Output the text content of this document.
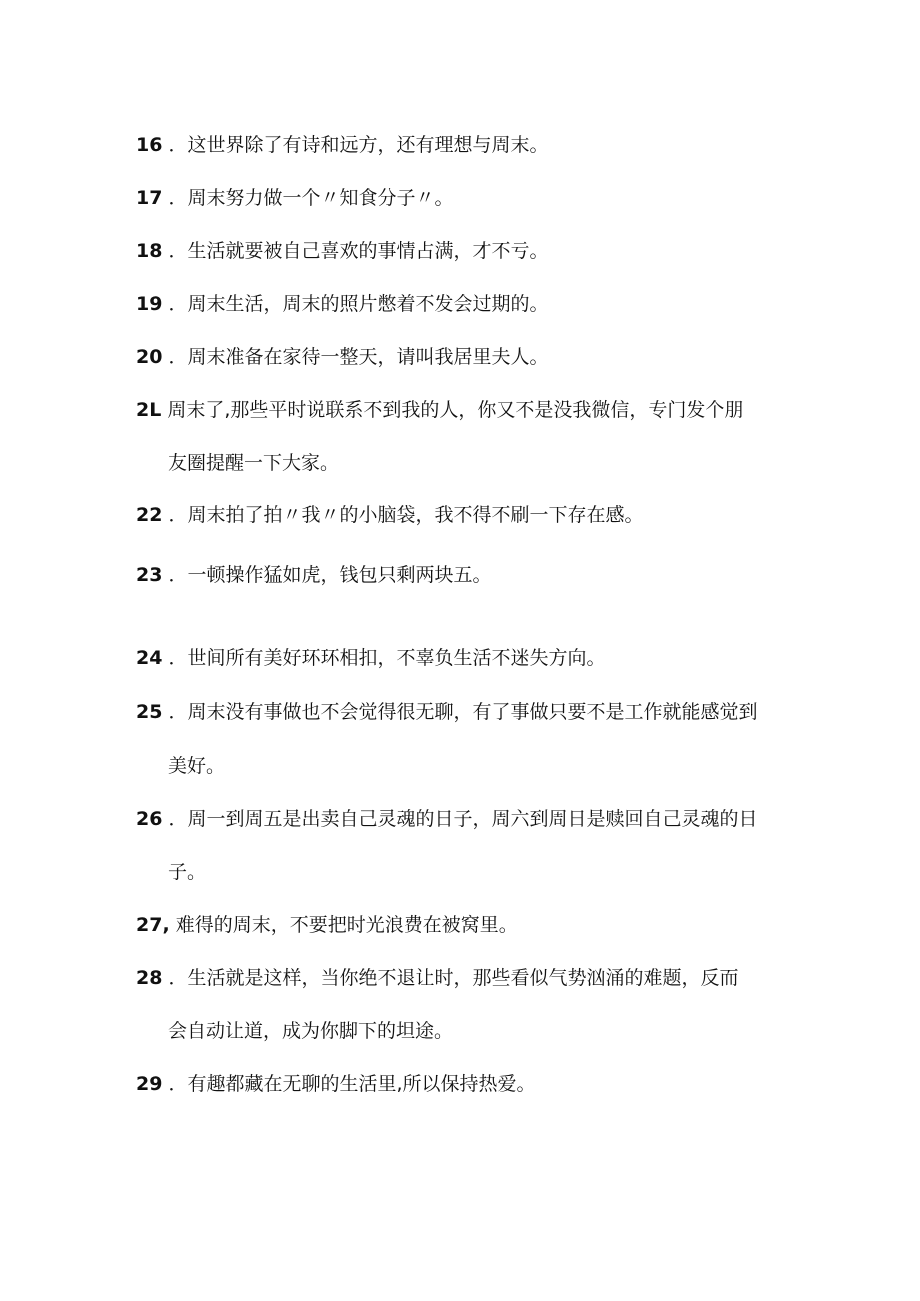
16 ．这世界除了有诗和远方，还有理想与周末。
17 ．周末努力做一个〃知食分子〃。
18 ．生活就要被自己喜欢的事情占满，才不亏。
19 ．周末生活，周末的照片憋着不发会过期的。
20 ．周末准备在家待一整天，请叫我居里夫人。
2L 周末了,那些平时说联系不到我的人，你又不是没我微信，专门发个朋
友圈提醒一下大家。
22 ．周末拍了拍〃我〃的小脑袋，我不得不刷一下存在感。
23 ．一顿操作猛如虎，钱包只剩两块五。
24 ．世间所有美好环环相扣，不辜负生活不迷失方向。
25 ．周末没有事做也不会觉得很无聊，有了事做只要不是工作就能感觉到
美好。
26 ．周一到周五是出卖自己灵魂的日子，周六到周日是赎回自己灵魂的日
子。
27, 难得的周末，不要把时光浪费在被窝里。
28 ．生活就是这样，当你绝不退让时，那些看似气势汹涌的难题，反而
会自动让道，成为你脚下的坦途。
29 ．有趣都藏在无聊的生活里,所以保持热爱。
